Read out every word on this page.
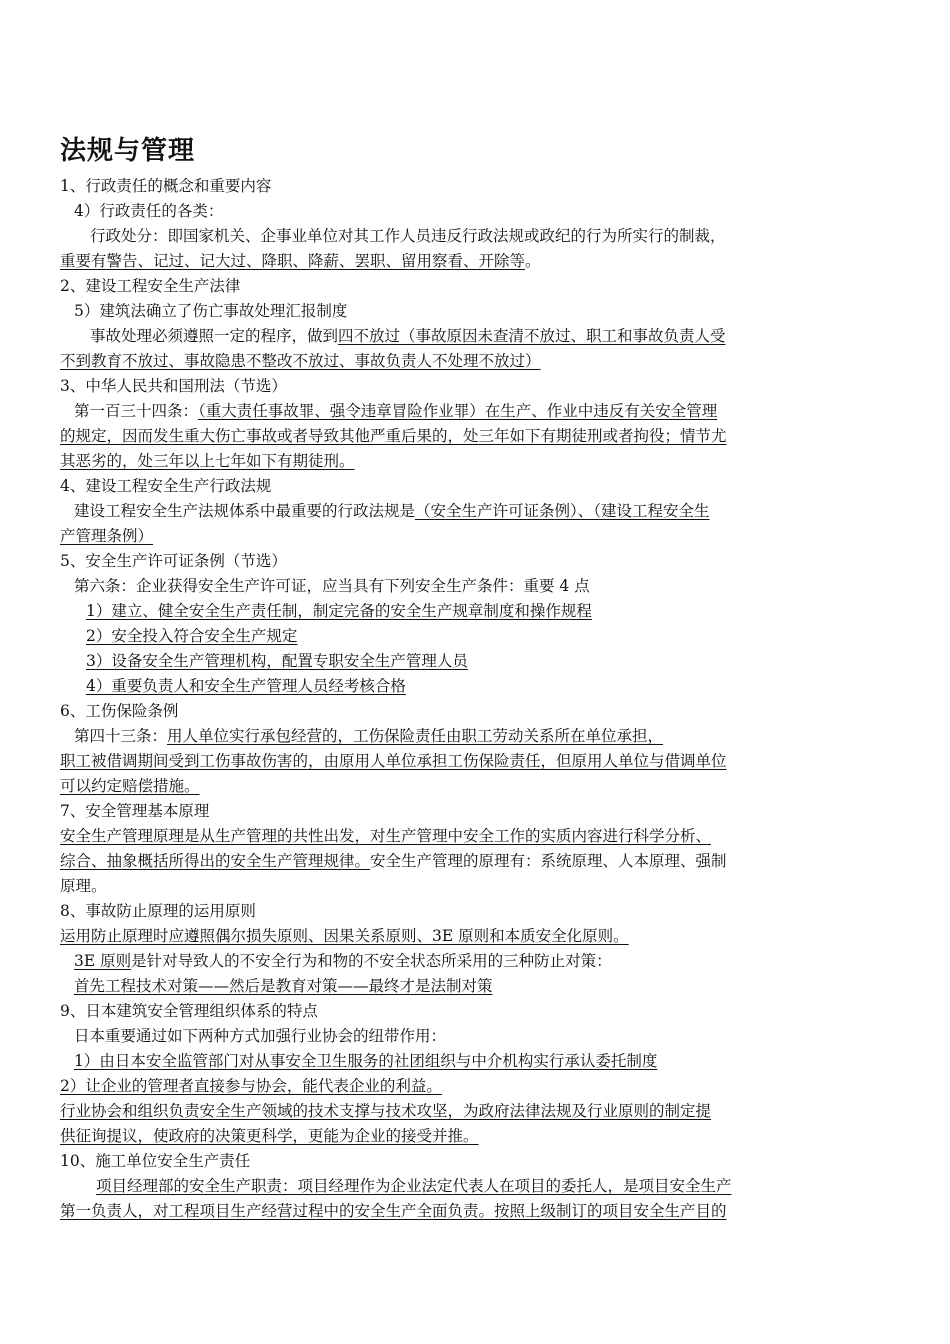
法规与管理
1、行政责任的概念和重要内容
4）行政责任的各类：
行政处分：即国家机关、企事业单位对其工作人员违反行政法规或政纪的行为所实行的制裁，
重要有警告、记过、记大过、降职、降薪、罢职、留用察看、开除等。
2、建设工程安全生产法律
5）建筑法确立了伤亡事故处理汇报制度
事故处理必须遵照一定的程序，做到四不放过（事故原因未查清不放过、职工和事故负责人受
不到教育不放过、事故隐患不整改不放过、事故负责人不处理不放过）
3、中华人民共和国刑法（节选）
第一百三十四条：（重大责任事故罪、强令违章冒险作业罪）在生产、作业中违反有关安全管理
的规定，因而发生重大伤亡事故或者导致其他严重后果的，处三年如下有期徒刑或者拘役；情节尤
其恶劣的，处三年以上七年如下有期徒刑。
4、建设工程安全生产行政法规
建设工程安全生产法规体系中最重要的行政法规是（安全生产许可证条例）、（建设工程安全生
产管理条例）
5、安全生产许可证条例（节选）
第六条：企业获得安全生产许可证，应当具有下列安全生产条件：重要 4 点
1）建立、健全安全生产责任制，制定完备的安全生产规章制度和操作规程
2）安全投入符合安全生产规定
3）设备安全生产管理机构，配置专职安全生产管理人员
4）重要负责人和安全生产管理人员经考核合格
6、工伤保险条例
第四十三条：用人单位实行承包经营的，工伤保险责任由职工劳动关系所在单位承担，
职工被借调期间受到工伤事故伤害的，由原用人单位承担工伤保险责任，但原用人单位与借调单位
可以约定赔偿措施。
7、安全管理基本原理
安全生产管理原理是从生产管理的共性出发，对生产管理中安全工作的实质内容进行科学分析、
综合、抽象概括所得出的安全生产管理规律。安全生产管理的原理有：系统原理、人本原理、强制
原理。
8、事故防止原理的运用原则
运用防止原理时应遵照偶尔损失原则、因果关系原则、3E 原则和本质安全化原则。
3E 原则是针对导致人的不安全行为和物的不安全状态所采用的三种防止对策：
首先工程技术对策——然后是教育对策——最终才是法制对策
9、日本建筑安全管理组织体系的特点
日本重要通过如下两种方式加强行业协会的纽带作用：
1）由日本安全监管部门对从事安全卫生服务的社团组织与中介机构实行承认委托制度
2）让企业的管理者直接参与协会，能代表企业的利益。
行业协会和组织负责安全生产领域的技术支撑与技术攻坚，为政府法律法规及行业原则的制定提
供征询提议，使政府的决策更科学，更能为企业的接受并推。
10、施工单位安全生产责任
项目经理部的安全生产职责：项目经理作为企业法定代表人在项目的委托人，是项目安全生产
第一负责人，对工程项目生产经营过程中的安全生产全面负责。按照上级制订的项目安全生产目的
